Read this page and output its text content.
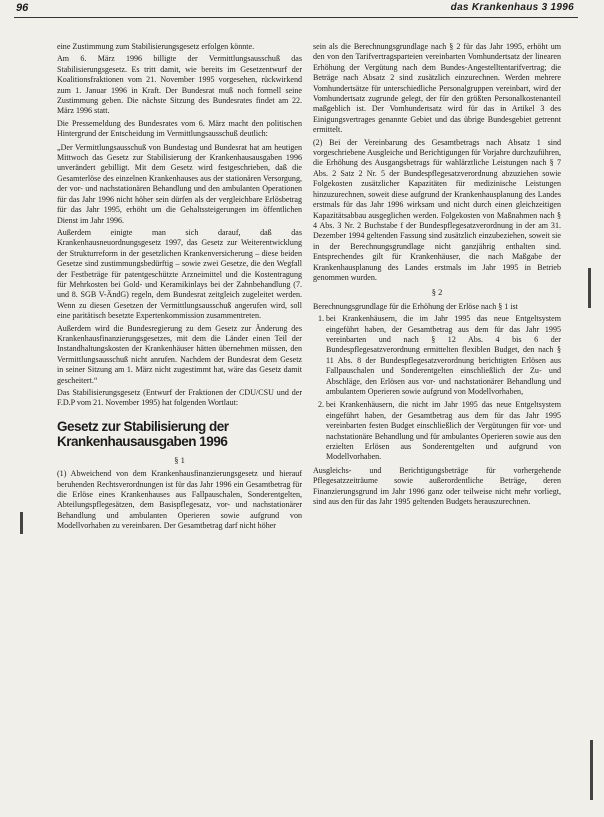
96	das Krankenhaus 3 1996

eine Zustimmung zum Stabilisierungsgesetz erfolgen könnte.

Am 6. März 1996 billigte der Vermittlungsausschuß das Stabilisierungsgesetz. Es tritt damit, wie bereits im Gesetzentwurf der Koalitionsfraktionen vom 21. November 1995 vorgesehen, rückwirkend zum 1. Januar 1996 in Kraft. Der Bundesrat muß noch formell seine Zustimmung geben. Die nächste Sitzung des Bundesrates findet am 22. März 1996 statt.

Die Pressemeldung des Bundesrates vom 6. März macht den politischen Hintergrund der Entscheidung im Vermittlungsausschuß deutlich:

„Der Vermittlungsausschuß von Bundestag und Bundesrat hat am heutigen Mittwoch das Gesetz zur Stabilisierung der Krankenhausausgaben 1996 unverändert gebilligt. Mit dem Gesetz wird festgeschrieben, daß die Gesamterlöse des einzelnen Krankenhauses aus der stationären Versorgung, der vor- und nachstationären Behandlung und den ambulanten Operationen für das Jahr 1996 nicht höher sein dürfen als der vergleichbare Erlösbetrag für das Jahr 1995, erhöht um die Gehaltssteigerungen im öffentlichen Dienst im Jahr 1996.

Außerdem einigte man sich darauf, daß das Krankenhausneuordnungsgesetz 1997, das Gesetz zur Weiterentwicklung der Strukturreform in der gesetzlichen Krankenversicherung – diese beiden Gesetze sind zustimmungsbedürftig – sowie zwei Gesetze, die den Wegfall der Festbeträge für patentgeschützte Arzneimittel und die Kostentragung für Mehrkosten bei Gold- und Keramikinlays bei der Zahnbehandlung (7. und 8. SGB V-ÄndG) regeln, dem Bundesrat zeitgleich zugeleitet werden. Wenn zu diesen Gesetzen der Vermittlungsausschuß angerufen wird, soll eine paritätisch besetzte Expertenkommission zusammentreten.

Außerdem wird die Bundesregierung zu dem Gesetz zur Änderung des Krankenhausfinanzierungsgesetzes, mit dem die Länder einen Teil der Instandhaltungskosten der Krankenhäuser hätten übernehmen müssen, den Vermittlungsausschuß nicht anrufen. Nachdem der Bundesrat dem Gesetz in seiner Sitzung am 1. März nicht zugestimmt hat, wäre das Gesetz damit gescheitert.“

Das Stabilisierungsgesetz (Entwurf der Fraktionen der CDU/CSU und der F.D.P vom 21. November 1995) hat folgenden Wortlaut:

Gesetz zur Stabilisierung der Krankenhausausgaben 1996
§ 1

(1) Abweichend von dem Krankenhausfinanzierungsgesetz und hierauf beruhenden Rechtsverordnungen ist für das Jahr 1996 ein Gesamtbetrag für die Erlöse eines Krankenhauses aus Fallpauschalen, Sonderentgelten, Abteilungspflegesätzen, dem Basispflegesatz, vor- und nachstationärer Behandlung und ambulanten Operieren sowie aufgrund von Modellvorhaben zu vereinbaren. Der Gesamtbetrag darf nicht höher

sein als die Berechnungsgrundlage nach § 2 für das Jahr 1995, erhöht um den von den Tarifvertragsparteien vereinbarten Vomhundertsatz der linearen Erhöhung der Vergütung nach dem Bundes-Angestelltentarifvertrag; die Beträge nach Absatz 2 sind zusätzlich einzurechnen. Werden mehrere Vomhundertsätze für unterschiedliche Personalgruppen vereinbart, wird der Vomhundertsatz zugrunde gelegt, der für den größten Personalkostenanteil maßgeblich ist. Der Vomhundertsatz wird für das in Artikel 3 des Einigungsvertrages genannte Gebiet und das übrige Bundesgebiet getrennt ermittelt.

(2) Bei der Vereinbarung des Gesamtbetrags nach Absatz 1 sind vorgeschriebene Ausgleiche und Berichtigungen für Vorjahre durchzuführen, die Erhöhung des Ausgangsbetrags für wahlärztliche Leistungen nach § 7 Abs. 2 Satz 2 Nr. 5 der Bundespflegesatzverordnung abzuziehen sowie Folgekosten zusätzlicher Kapazitäten für medizinische Leistungen hinzuzurechnen, soweit diese aufgrund der Krankenhausplanung des Landes erstmals für das Jahr 1996 wirksam und nicht durch einen gleichzeitigen Kapazitätsabbau ausgeglichen werden. Folgekosten von Maßnahmen nach § 4 Abs. 3 Nr. 2 Buchstabe f der Bundespflegesatzverordnung in der am 31. Dezember 1994 geltenden Fassung sind zusätzlich einzubeziehen, soweit sie in der Berechnungsgrundlage nicht ganzjährig enthalten sind. Entsprechendes gilt für Krankenhäuser, die nach Maßgabe der Krankenhausplanung des Landes erstmals im Jahr 1995 in Betrieb genommen wurden.

§ 2

Berechnungsgrundlage für die Erhöhung der Erlöse nach § 1 ist

1. bei Krankenhäusern, die im Jahr 1995 das neue Entgeltsystem eingeführt haben, der Gesamtbetrag aus dem für das Jahr 1995 vereinbarten und nach § 12 Abs. 4 bis 6 der Bundespflegesatzverordnung ermittelten flexiblen Budget, den nach § 11 Abs. 8 der Bundespflegesatzverordnung berichtigten Erlösen aus Fallpauschalen und Sonderentgelten einschließlich der Zu- und Abschläge, den Erlösen aus vor- und nachstationärer Behandlung und ambulantem Operieren sowie aufgrund von Modellvorhaben,
2. bei Krankenhäusern, die nicht im Jahr 1995 das neue Entgeltsystem eingeführt haben, der Gesamtbetrag aus dem für das Jahr 1995 vereinbarten festen Budget einschließlich der Vergütungen für vor- und nachstationäre Behandlung und für ambulantes Operieren sowie aus den erzielten Erlösen aus Sonderentgelten und aufgrund von Modellvorhaben.

Ausgleichs- und Berichtigungsbeträge für vorhergehende Pflegesatzzeiträume sowie außerordentliche Beträge, deren Finanzierungsgrund im Jahr 1996 ganz oder teilweise nicht mehr vorliegt, sind aus den für das Jahr 1995 geltenden Budgets herauszurechnen.
